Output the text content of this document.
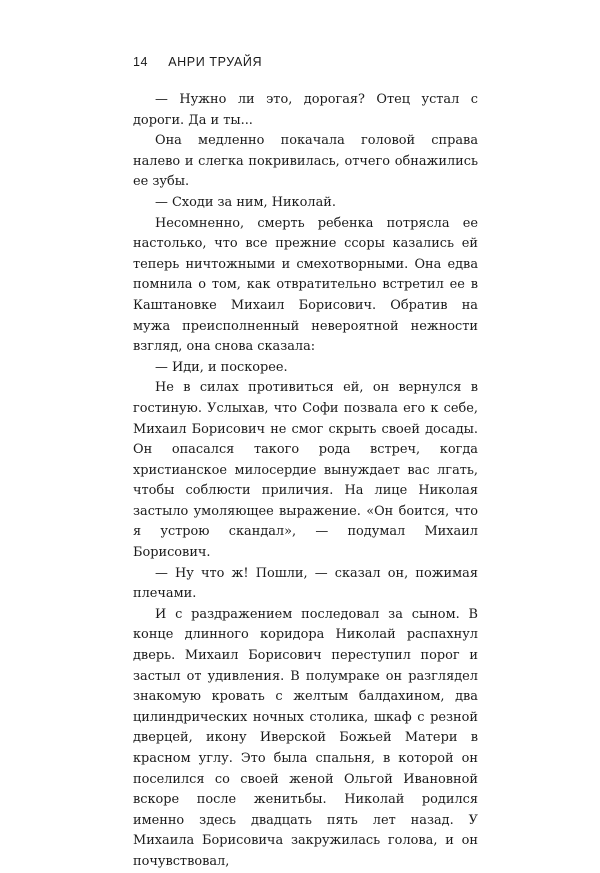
14 АНРИ ТРУАЙЯ

— Нужно ли это, дорогая? Отец устал с дороги. Да и ты...

Она медленно покачала головой справа налево и слегка покривилась, отчего обнажились ее зубы.

— Сходи за ним, Николай.

Несомненно, смерть ребенка потрясла ее настолько, что все прежние ссоры казались ей теперь ничтожными и смехотворными. Она едва помнила о том, как отвратительно встретил ее в Каштановке Михаил Борисович. Обратив на мужа преисполненный невероятной нежности взгляд, она снова сказала:

— Иди, и поскорее.

Не в силах противиться ей, он вернулся в гостиную. Услыхав, что Софи позвала его к себе, Михаил Борисович не смог скрыть своей досады. Он опасался такого рода встреч, когда христианское милосердие вынуждает вас лгать, чтобы соблюсти приличия. На лице Николая застыло умоляющее выражение. «Он боится, что я устрою скандал», — подумал Михаил Борисович.

— Ну что ж! Пошли, — сказал он, пожимая плечами.

И с раздражением последовал за сыном. В конце длинного коридора Николай распахнул дверь. Михаил Борисович переступил порог и застыл от удивления. В полумраке он разглядел знакомую кровать с желтым балдахином, два цилиндрических ночных столика, шкаф с резной дверцей, икону Иверской Божьей Матери в красном углу. Это была спальня, в которой он поселился со своей женой Ольгой Ивановной вскоре после женитьбы. Николай родился именно здесь двадцать пять лет назад. У Михаила Борисовича закружилась голова, и он почувствовал,
